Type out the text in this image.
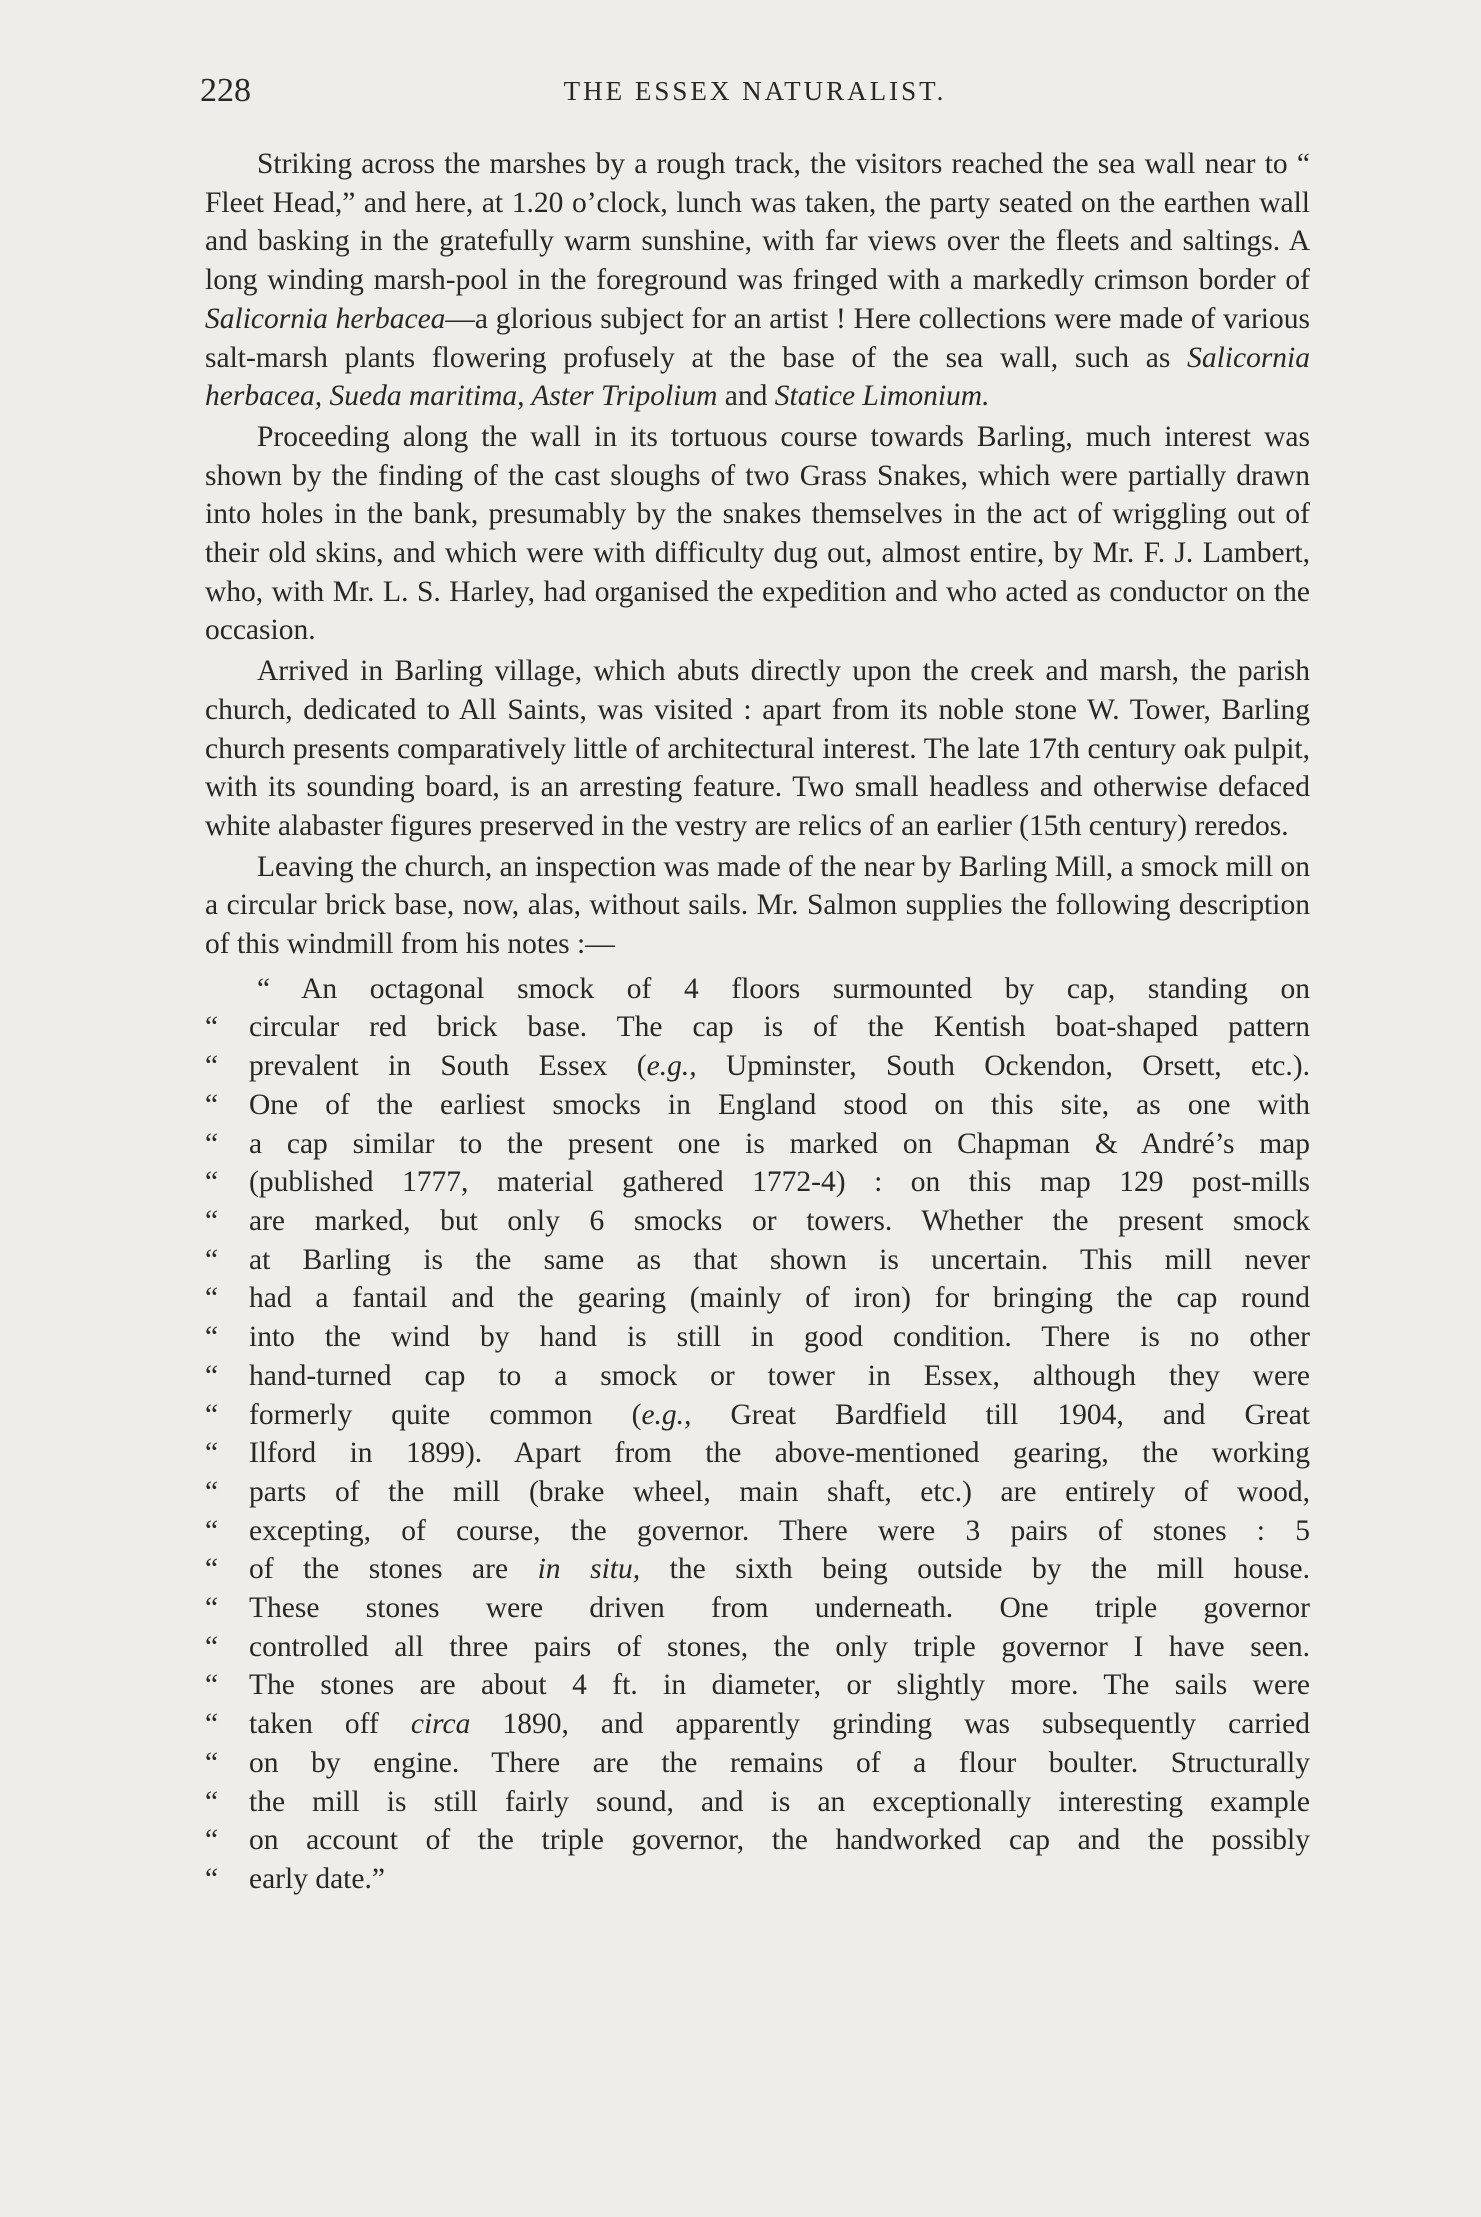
228	THE ESSEX NATURALIST.

Striking across the marshes by a rough track, the visitors reached the sea wall near to “ Fleet Head,” and here, at 1.20 o’clock, lunch was taken, the party seated on the earthen wall and basking in the gratefully warm sunshine, with far views over the fleets and saltings. A long winding marsh-pool in the foreground was fringed with a markedly crimson border of Salicornia herbacea—a glorious subject for an artist ! Here collections were made of various salt-marsh plants flowering profusely at the base of the sea wall, such as Salicornia herbacea, Sueda maritima, Aster Tripolium and Statice Limonium.

Proceeding along the wall in its tortuous course towards Barling, much interest was shown by the finding of the cast sloughs of two Grass Snakes, which were partially drawn into holes in the bank, presumably by the snakes themselves in the act of wriggling out of their old skins, and which were with difficulty dug out, almost entire, by Mr. F. J. Lambert, who, with Mr. L. S. Harley, had organised the expedition and who acted as conductor on the occasion.

Arrived in Barling village, which abuts directly upon the creek and marsh, the parish church, dedicated to All Saints, was visited : apart from its noble stone W. Tower, Barling church presents comparatively little of architectural interest. The late 17th century oak pulpit, with its sounding board, is an arresting feature. Two small headless and otherwise defaced white alabaster figures preserved in the vestry are relics of an earlier (15th century) reredos.

Leaving the church, an inspection was made of the near by Barling Mill, a smock mill on a circular brick base, now, alas, without sails. Mr. Salmon supplies the following description of this windmill from his notes :—

“ An octagonal smock of 4 floors surmounted by cap, standing on
“ circular red brick base. The cap is of the Kentish boat-shaped pattern
“ prevalent in South Essex (e.g., Upminster, South Ockendon, Orsett, etc.).
“ One of the earliest smocks in England stood on this site, as one with
“ a cap similar to the present one is marked on Chapman & André’s map
“ (published 1777, material gathered 1772-4) : on this map 129 post-mills
“ are marked, but only 6 smocks or towers. Whether the present smock
“ at Barling is the same as that shown is uncertain. This mill never
“ had a fantail and the gearing (mainly of iron) for bringing the cap round
“ into the wind by hand is still in good condition. There is no other
“ hand-turned cap to a smock or tower in Essex, although they were
“ formerly quite common (e.g., Great Bardfield till 1904, and Great
“ Ilford in 1899). Apart from the above-mentioned gearing, the working
“ parts of the mill (brake wheel, main shaft, etc.) are entirely of wood,
“ excepting, of course, the governor. There were 3 pairs of stones : 5
“ of the stones are in situ, the sixth being outside by the mill house.
“ These stones were driven from underneath. One triple governor
“ controlled all three pairs of stones, the only triple governor I have seen.
“ The stones are about 4 ft. in diameter, or slightly more. The sails were
“ taken off circa 1890, and apparently grinding was subsequently carried
“ on by engine. There are the remains of a flour boulter. Structurally
“ the mill is still fairly sound, and is an exceptionally interesting example
“ on account of the triple governor, the handworked cap and the possibly
“ early date.”
